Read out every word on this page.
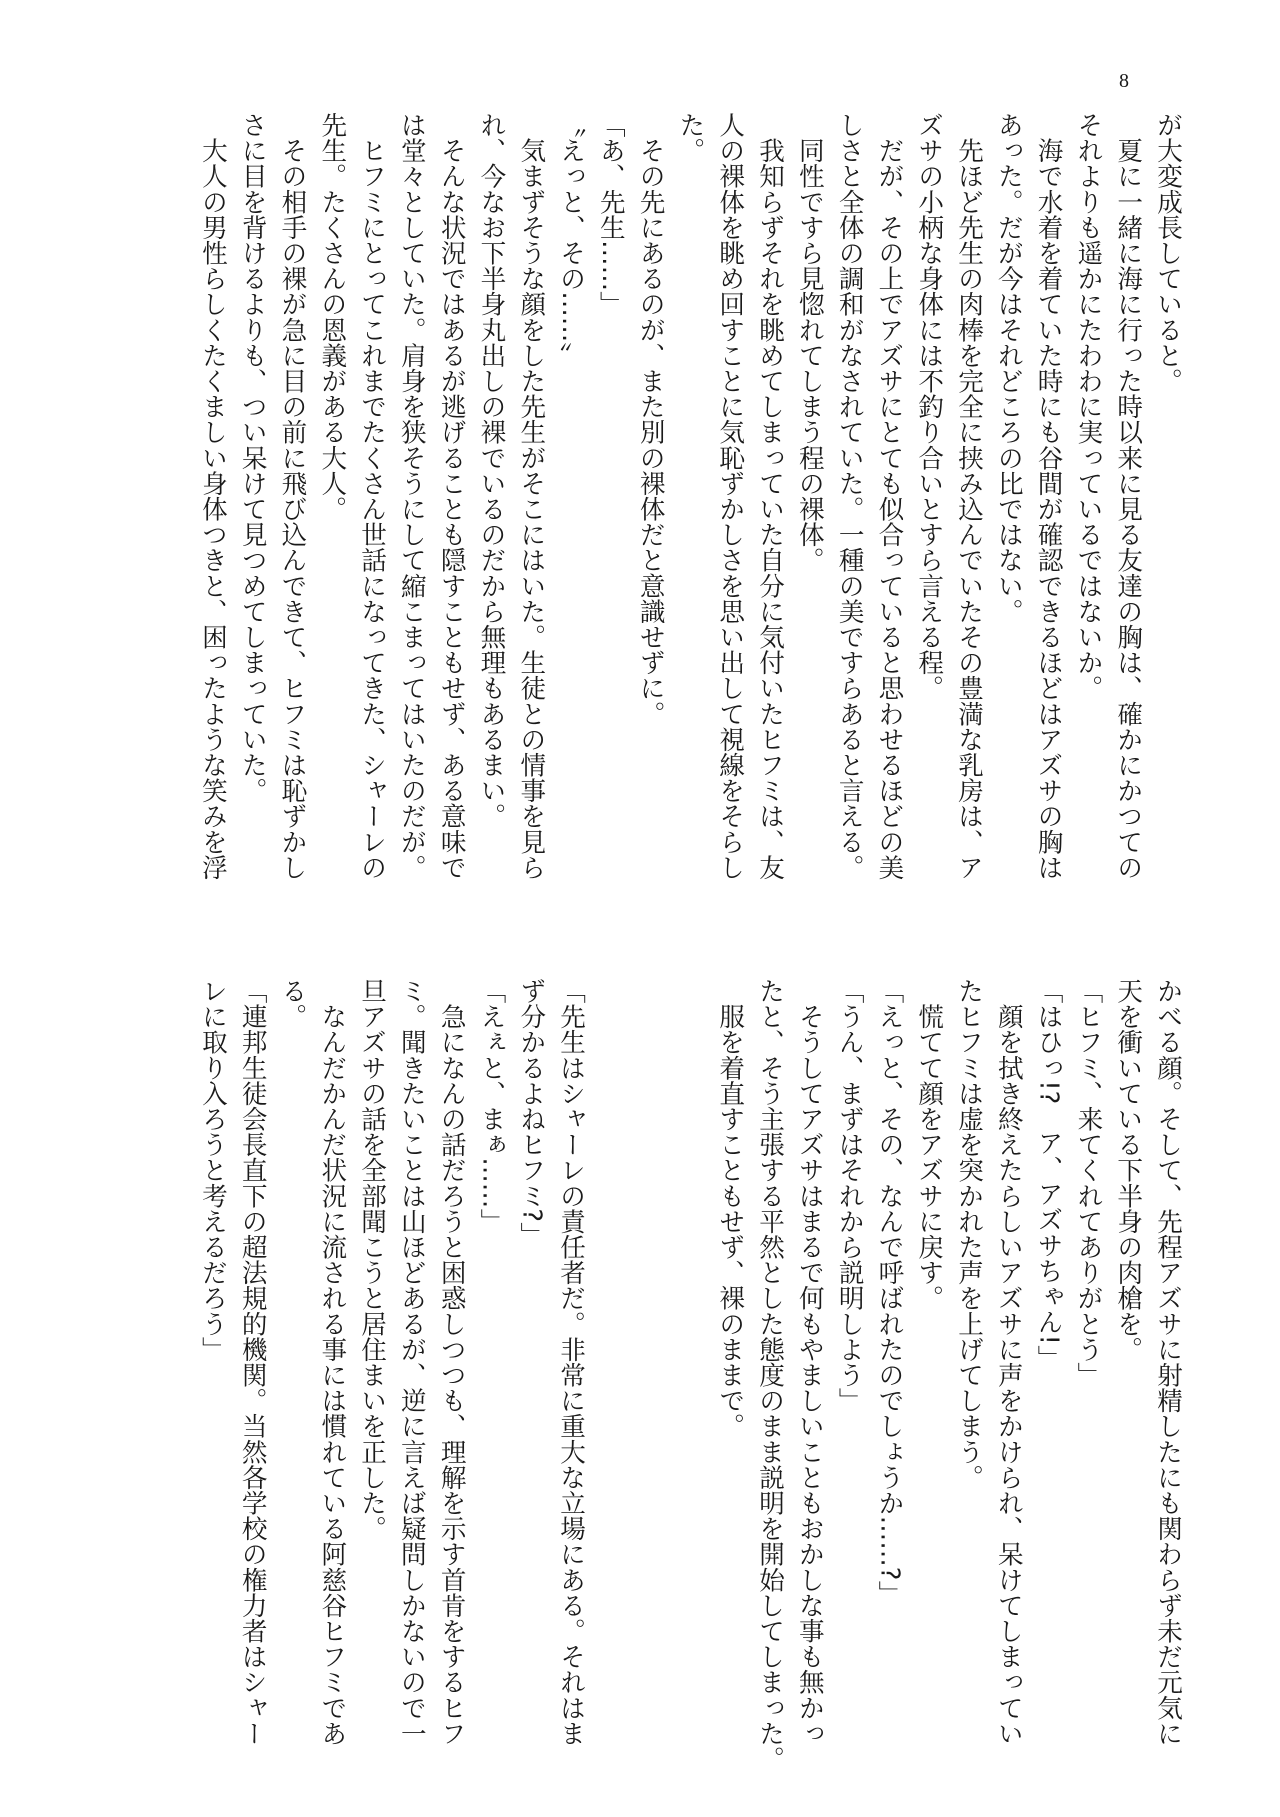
8
が大変成長していると。
　夏に一緒に海に行った時以来に見る友達の胸は、確かにかつての
それよりも遥かにたわわに実っているではないか。
　海で水着を着ていた時にも谷間が確認できるほどはアズサの胸は
あった。だが今はそれどころの比ではない。
　先ほど先生の肉棒を完全に挟み込んでいたその豊満な乳房は、ア
ズサの小柄な身体には不釣り合いとすら言える程。
　だが、その上でアズサにとても似合っていると思わせるほどの美
しさと全体の調和がなされていた。一種の美ですらあると言える。
　同性ですら見惚れてしまう程の裸体。
　我知らずそれを眺めてしまっていた自分に気付いたヒフミは、友
人の裸体を眺め回すことに気恥ずかしさを思い出して視線をそらし
た。
　その先にあるのが、また別の裸体だと意識せずに。
「あ、先生……」
〝えっと、その……〟
　気まずそうな顔をした先生がそこにはいた。生徒との情事を見ら
れ、今なお下半身丸出しの裸でいるのだから無理もあるまい。
　そんな状況ではあるが逃げることも隠すこともせず、ある意味で
は堂々としていた。肩身を狭そうにして縮こまってはいたのだが。
　ヒフミにとってこれまでたくさん世話になってきた、シャーレの
先生。たくさんの恩義がある大人。
　その相手の裸が急に目の前に飛び込んできて、ヒフミは恥ずかし
さに目を背けるよりも、つい呆けて見つめてしまっていた。
　大人の男性らしくたくましい身体つきと、困ったような笑みを浮
かべる顔。そして、先程アズサに射精したにも関わらず未だ元気に
天を衝いている下半身の肉槍を。
「ヒフミ、来てくれてありがとう」
「はひっ!?　ア、アズサちゃん!」
　顔を拭き終えたらしいアズサに声をかけられ、呆けてしまってい
たヒフミは虚を突かれた声を上げてしまう。
　慌てて顔をアズサに戻す。
「えっと、その、なんで呼ばれたのでしょうか……?」
「うん、まずはそれから説明しよう」
　そうしてアズサはまるで何もやましいこともおかしな事も無かっ
たと、そう主張する平然とした態度のまま説明を開始してしまった。
　服を着直すこともせず、裸のままで。
「先生はシャーレの責任者だ。非常に重大な立場にある。それはま
ず分かるよねヒフミ?」
「えぇと、まぁ……」
　急になんの話だろうと困惑しつつも、理解を示す首肯をするヒフ
ミ。聞きたいことは山ほどあるが、逆に言えば疑問しかないので一
旦アズサの話を全部聞こうと居住まいを正した。
　なんだかんだ状況に流される事には慣れている阿慈谷ヒフミであ
る。
「連邦生徒会長直下の超法規的機関。当然各学校の権力者はシャー
レに取り入ろうと考えるだろう」
